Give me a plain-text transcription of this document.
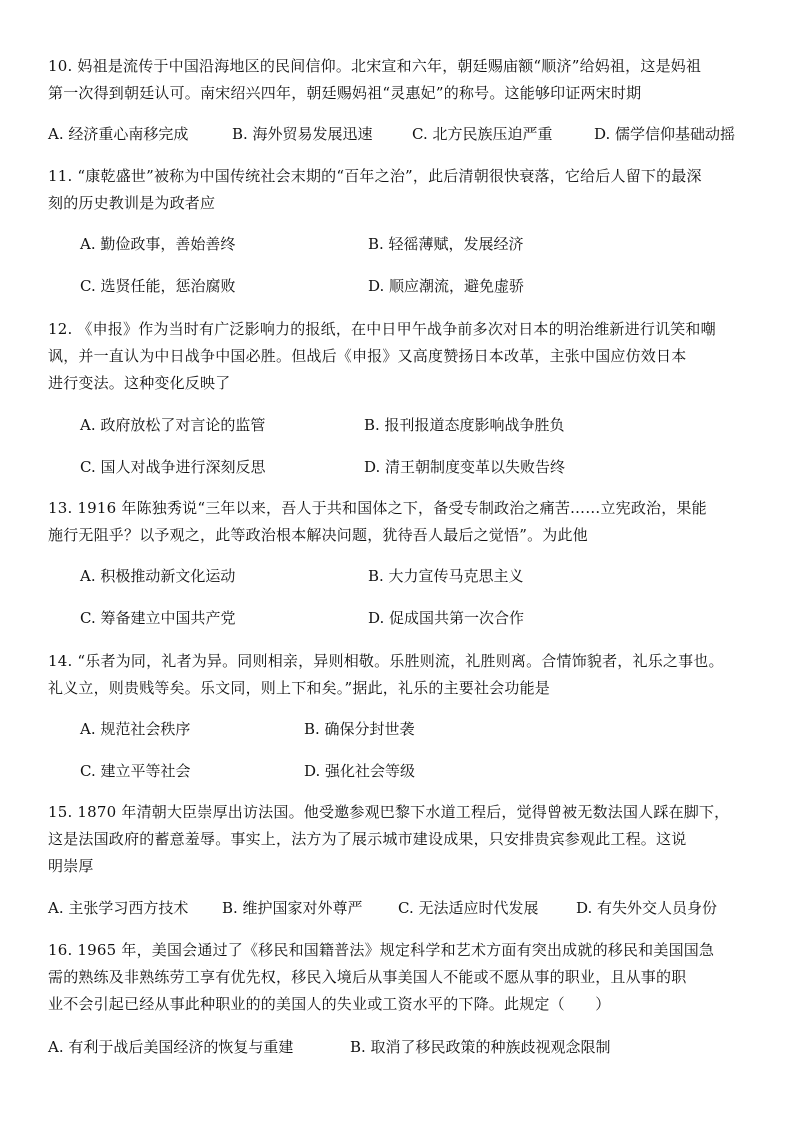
10. 妈祖是流传于中国沿海地区的民间信仰。北宋宣和六年，朝廷赐庙额“顺济”给妈祖，这是妈祖
第一次得到朝廷认可。南宋绍兴四年，朝廷赐妈祖“灵惠妃”的称号。这能够印证两宋时期
A. 经济重心南移完成	B. 海外贸易发展迅速	C. 北方民族压迫严重	D. 儒学信仰基础动摇
11. “康乾盛世”被称为中国传统社会末期的“百年之治”，此后清朝很快衰落，它给后人留下的最深
刻的历史教训是为政者应
A. 勤俭政事，善始善终	B. 轻徭薄赋，发展经济
C. 选贤任能，惩治腐败	D. 顺应潮流，避免虚骄
12. 《申报》作为当时有广泛影响力的报纸，在中日甲午战争前多次对日本的明治维新进行讥笑和嘲
讽，并一直认为中日战争中国必胜。但战后《申报》又高度赞扬日本改革，主张中国应仿效日本
进行变法。这种变化反映了
A. 政府放松了对言论的监管	B. 报刊报道态度影响战争胜负
C. 国人对战争进行深刻反思	D. 清王朝制度变革以失败告终
13. 1916 年陈独秀说“三年以来，吾人于共和国体之下，备受专制政治之痛苦……立宪政治，果能
施行无阻乎？以予观之，此等政治根本解决问题，犹待吾人最后之觉悟”。为此他
A. 积极推动新文化运动	B. 大力宣传马克思主义
C. 筹备建立中国共产党	D. 促成国共第一次合作
14. “乐者为同，礼者为异。同则相亲，异则相敬。乐胜则流，礼胜则离。合情饰貌者，礼乐之事也。
礼义立，则贵贱等矣。乐文同，则上下和矣。”据此，礼乐的主要社会功能是
A. 规范社会秩序	B. 确保分封世袭
C. 建立平等社会	D. 强化社会等级
15. 1870 年清朝大臣崇厚出访法国。他受邀参观巴黎下水道工程后，觉得曾被无数法国人踩在脚下，
这是法国政府的蓄意羞辱。事实上，法方为了展示城市建设成果，只安排贵宾参观此工程。这说
明崇厚
A. 主张学习西方技术 B. 维护国家对外尊严 C. 无法适应时代发展	D. 有失外交人员身份
16. 1965 年，美国会通过了《移民和国籍普法》规定科学和艺术方面有突出成就的移民和美国国急
需的熟练及非熟练劳工享有优先权，移民入境后从事美国人不能或不愿从事的职业，且从事的职
业不会引起已经从事此种职业的的美国人的失业或工资水平的下降。此规定（　　）
A. 有利于战后美国经济的恢复与重建	B. 取消了移民政策的种族歧视观念限制
